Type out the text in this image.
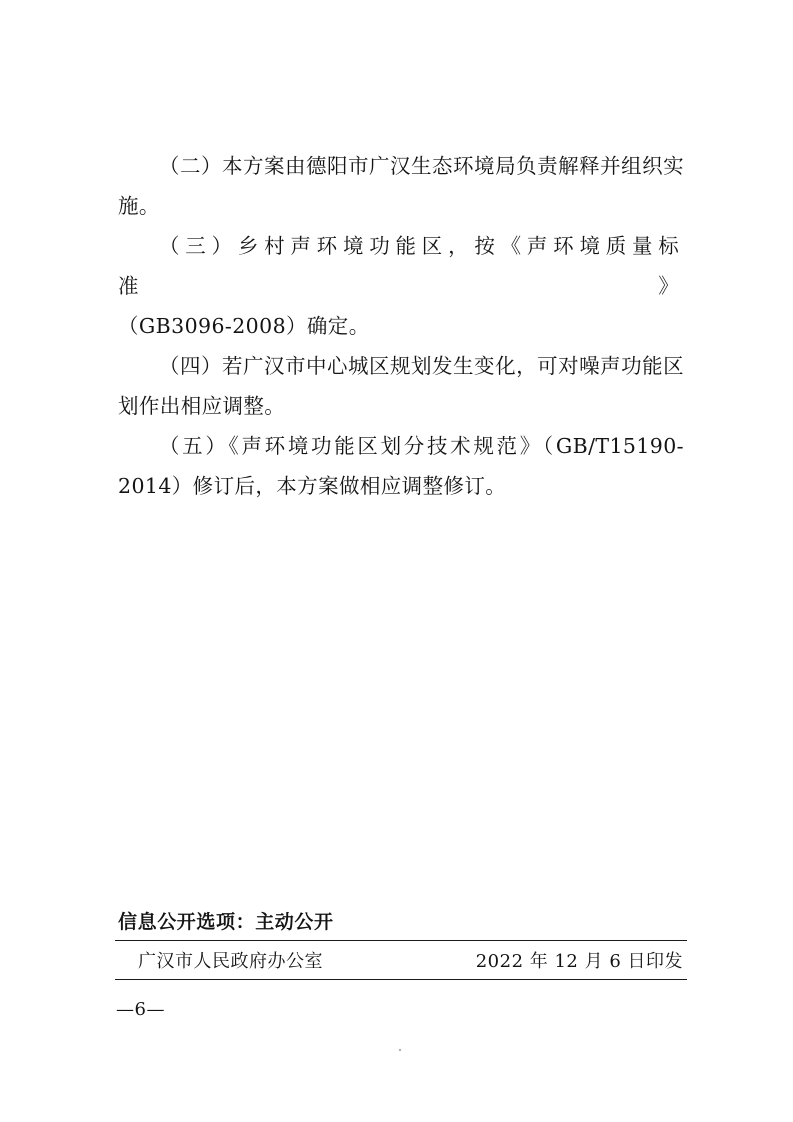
（二）本方案由德阳市广汉生态环境局负责解释并组织实施。

（三）乡村声环境功能区，按《声环境质量标准》

（GB3096-2008）确定。

（四）若广汉市中心城区规划发生变化，可对噪声功能区划作出相应调整。

（五）《声环境功能区划分技术规范》（GB/T15190-2014）修订后，本方案做相应调整修订。

信息公开选项：主动公开
广汉市人民政府办公室	2022 年 12 月 6 日印发
—6—
